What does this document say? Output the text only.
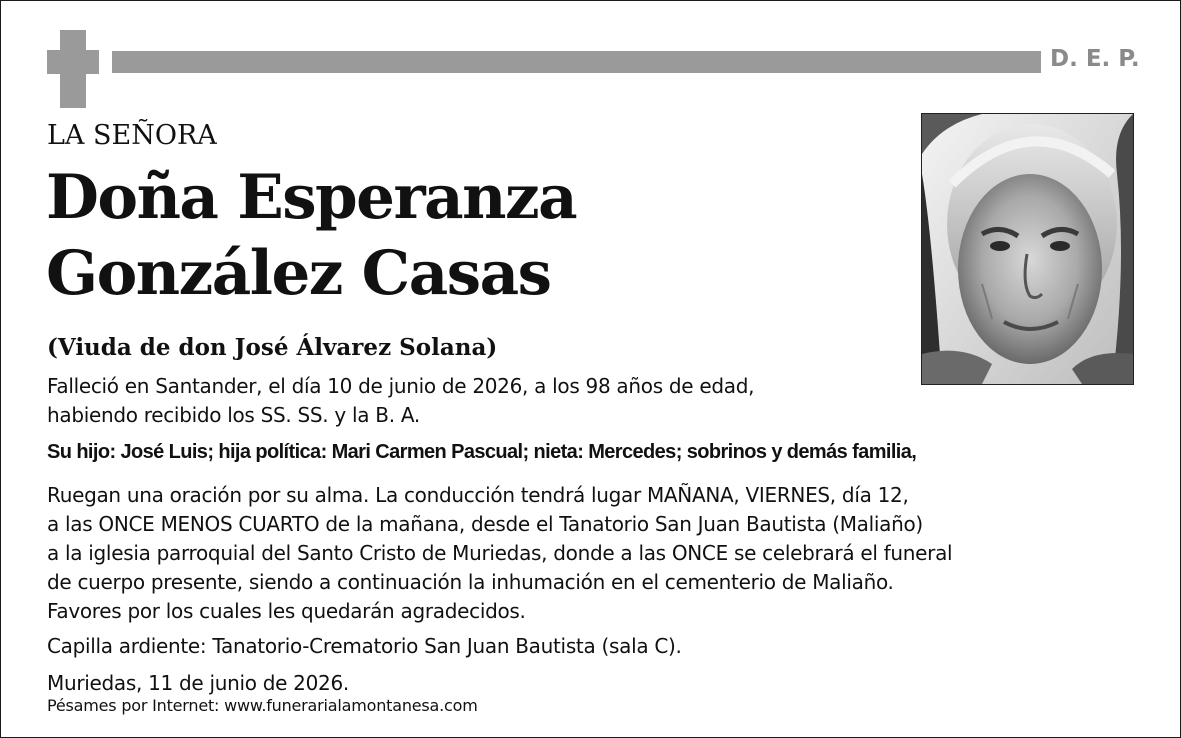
D. E. P.
LA SEÑORA
Doña Esperanza
González Casas
(Viuda de don José Álvarez Solana)
Falleció en Santander, el día 10 de junio de 2026, a los 98 años de edad,
habiendo recibido los SS. SS. y la B. A.
Su hijo: José Luis; hija política: Mari Carmen Pascual; nieta: Mercedes; sobrinos y demás familia,
Ruegan una oración por su alma. La conducción tendrá lugar MAÑANA, VIERNES, día 12,
a las ONCE MENOS CUARTO de la mañana, desde el Tanatorio San Juan Bautista (Maliaño)
a la iglesia parroquial del Santo Cristo de Muriedas, donde a las ONCE se celebrará el funeral
de cuerpo presente, siendo a continuación la inhumación en el cementerio de Maliaño.
Favores por los cuales les quedarán agradecidos.
Capilla ardiente: Tanatorio-Crematorio San Juan Bautista (sala C).
Muriedas, 11 de junio de 2026.
Pésames por Internet: www.funerarialamontanesa.com
